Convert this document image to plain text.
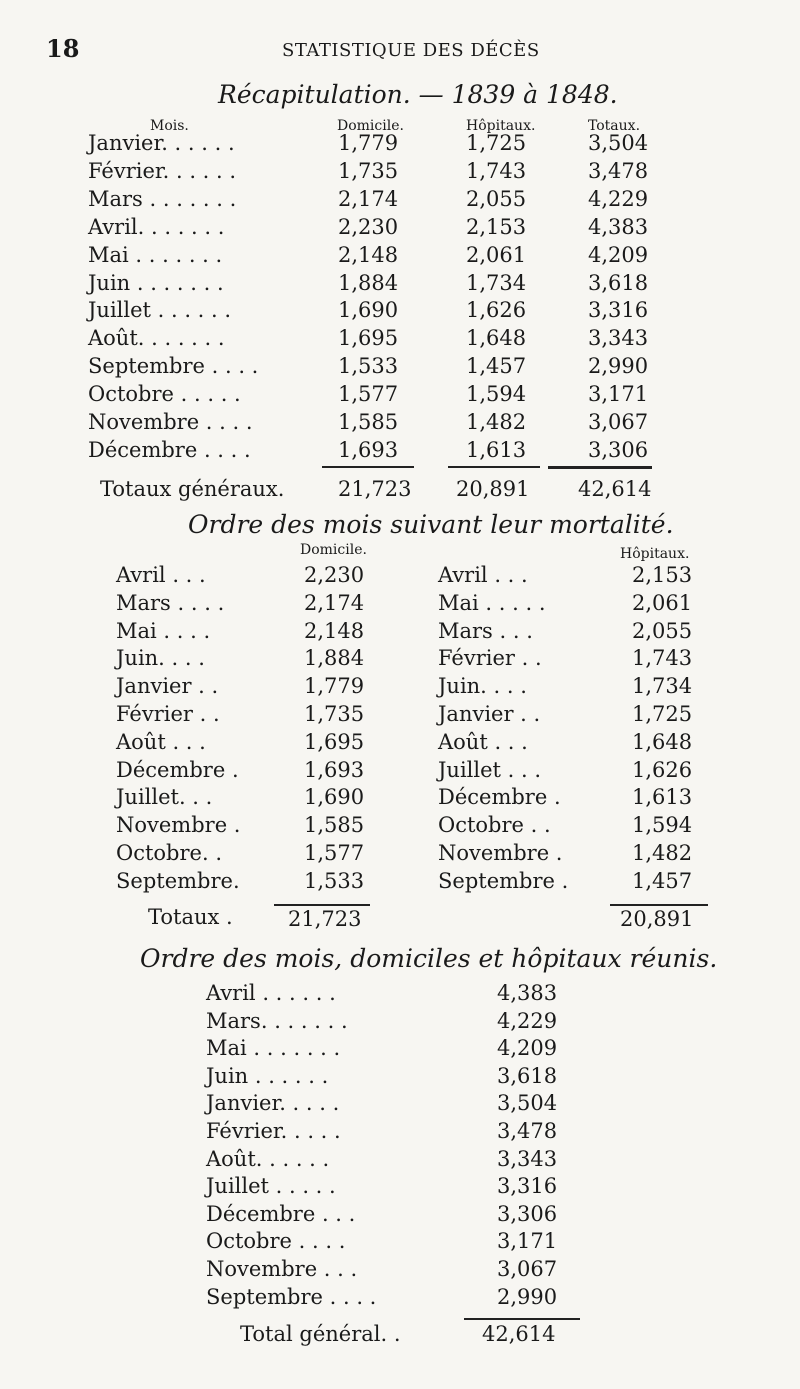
18	STATISTIQUE DES DÉCÈS
Récapitulation. — 1839 à 1848.
Mois.	Domicile.	Hôpitaux.	Totaux.
Janvier. . . . . .	1,779	1,725	3,504
Février. . . . . .	1,735	1,743	3,478
Mars . . . . . . .	2,174	2,055	4,229
Avril. . . . . . .	2,230	2,153	4,383
Mai . . . . . . .	2,148	2,061	4,209
Juin . . . . . . .	1,884	1,734	3,618
Juillet . . . . . .	1,690	1,626	3,316
Août. . . . . . .	1,695	1,648	3,343
Septembre . . . .	1,533	1,457	2,990
Octobre . . . . .	1,577	1,594	3,171
Novembre . . . .	1,585	1,482	3,067
Décembre . . . .	1,693	1,613	3,306
Totaux généraux.	21,723 20,891 42,614
Ordre des mois suivant leur mortalité.
Domicile.	Hôpitaux.
Avril . . .	2,230	Avril . . .	2,153
Mars . . . .	2,174	Mai . . . . .	2,061
Mai . . . .	2,148	Mars . . .	2,055
Juin. . . .	1,884	Février . .	1,743
Janvier . .	1,779	Juin. . . .	1,734
Février . .	1,735	Janvier . .	1,725
Août . . .	1,695	Août . . .	1,648
Décembre .	1,693	Juillet . . .	1,626
Juillet. . .	1,690	Décembre .	1,613
Novembre .	1,585	Octobre . .	1,594
Octobre. .	1,577	Novembre .	1,482
Septembre.	1,533	Septembre .	1,457
Totaux .	21,723	20,891
Ordre des mois, domiciles et hôpitaux réunis.
Avril . . . . . .	4,383
Mars. . . . . . .	4,229
Mai . . . . . . .	4,209
Juin . . . . . .	3,618
Janvier. . . . .	3,504
Février. . . . .	3,478
Août. . . . . .	3,343
Juillet . . . . .	3,316
Décembre . . .	3,306
Octobre . . . .	3,171
Novembre . . .	3,067
Septembre . . . .	2,990
Total général. .	42,614
